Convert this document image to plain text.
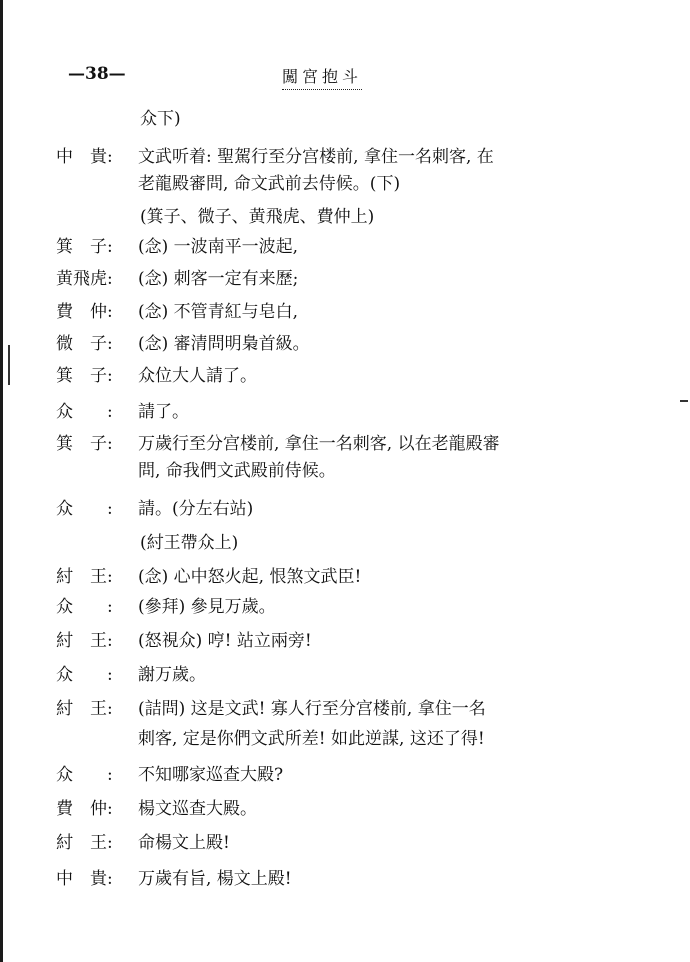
—38—	闖宮抱斗
众下)
中　貴:	文武听着: 聖駕行至分宫楼前, 拿住一名刺客, 在
老龍殿審問, 命文武前去侍候。(下)
(箕子、微子、黄飛虎、費仲上)
箕　子:	(念) 一波南平一波起,
黄飛虎:	(念) 刺客一定有来歷;
費　仲:	(念) 不管青紅与皂白,
微　子:	(念) 審清問明梟首級。
箕　子:	众位大人請了。
众　　:	請了。
箕　子:	万歲行至分宫楼前, 拿住一名刺客, 以在老龍殿審
問, 命我們文武殿前侍候。
众　　:	請。(分左右站)
(紂王帶众上)
紂　王:	(念) 心中怒火起, 恨煞文武臣!
众　　:	(參拜) 參見万歲。
紂　王:	(怒視众) 哼! 站立兩旁!
众　　:	謝万歲。
紂　王:	(詰問) 这是文武! 寡人行至分宫楼前, 拿住一名
刺客, 定是你們文武所差! 如此逆謀, 这还了得!
众　　:	不知哪家巡查大殿?
費　仲:	楊文巡查大殿。
紂　王:	命楊文上殿!
中　貴:	万歲有旨, 楊文上殿!
